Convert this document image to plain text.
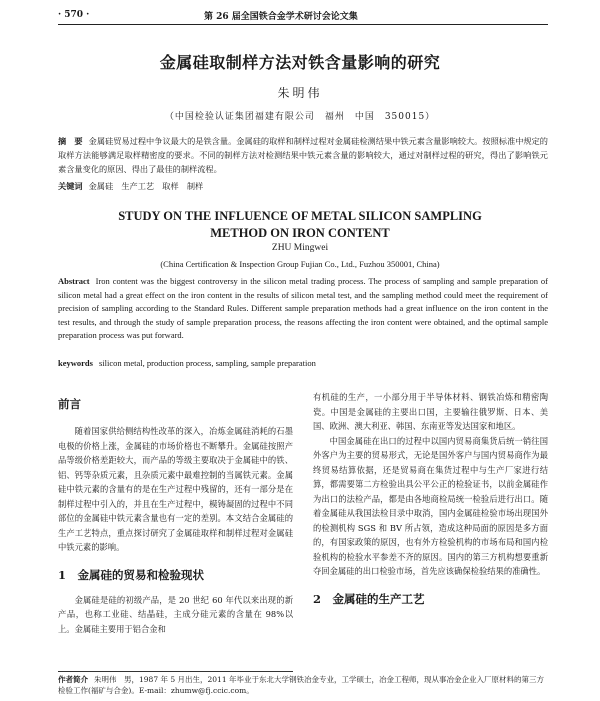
· 570 ·	第 26 届全国铁合金学术研讨会论文集
金属硅取制样方法对铁含量影响的研究
朱明伟
（中国检验认证集团福建有限公司　福州　中国　350015）
摘　要 金属硅贸易过程中争议最大的是铁含量。金属硅的取样和制样过程对金属硅检测结果中铁元素含量影响较大。按照标准中规定的取样方法能够满足取样精密度的要求。不同的制样方法对检测结果中铁元素含量的影响较大，通过对制样过程的研究，得出了影响铁元素含量变化的原因、得出了最佳的制样流程。
关键词 金属硅　生产工艺　取样　制样
STUDY ON THE INFLUENCE OF METAL SILICON SAMPLING
METHOD ON IRON CONTENT
ZHU Mingwei
(China Certification & Inspection Group Fujian Co., Ltd., Fuzhou 350001, China)
Abstract Iron content was the biggest controversy in the silicon metal trading process. The process of sampling and sample preparation of silicon metal had a great effect on the iron content in the results of silicon metal test, and the sampling method could meet the requirement of precision of sampling according to the Standard Rules. Different sample preparation methods had a great influence on the iron content in the test results, and through the study of sample preparation process, the reasons affecting the iron content were obtained, and the optimal sample preparation process was put forward.
keywords silicon metal, production process, sampling, sample preparation
前言

随着国家供给侧结构性改革的深入，冶炼金属硅消耗的石墨电极的价格上涨，金属硅的市场价格也不断攀升。金属硅按照产品等级价格差距较大，而产品的等级主要取决于金属硅中的铁、铝、钙等杂质元素，且杂质元素中最难控制的当属铁元素。金属硅中铁元素的含量有的是在生产过程中残留的，还有一部分是在制样过程中引入的，并且在生产过程中，模铸凝固的过程中不同部位的金属硅中铁元素含量也有一定的差别。本文结合金属硅的生产工艺特点，重点探讨研究了金属硅取样和制样过程对金属硅中铁元素的影响。

1　金属硅的贸易和检验现状

金属硅是硅的初级产品，是 20 世纪 60 年代以来出现的新产品，也称工业硅、结晶硅，主成分硅元素的含量在 98%以上。金属硅主要用于铝合金和

有机硅的生产，一小部分用于半导体材料、钢铁冶炼和精密陶瓷。中国是金属硅的主要出口国，主要输往俄罗斯、日本、美国、欧洲、澳大利亚、韩国、东南亚等发达国家和地区。

中国金属硅在出口的过程中以国内贸易商集货后统一销往国外客户为主要的贸易形式，无论是国外客户与国内贸易商作为最终贸易结算依据，还是贸易商在集货过程中与生产厂家进行结算，都需要第二方检验出具公平公正的检验证书，以前金属硅作为出口的法检产品，都是由各地商检局统一检验后进行出口。随着金属硅从我国法检目录中取消，国内金属硅检验市场出现国外的检测机构 SGS 和 BV 所占领，造成这种局面的原因是多方面的，有国家政策的原因，也有外方检验机构的市场布局和国内检验机构的检验水平参差不齐的原因。国内的第三方机构想要重新夺回金属硅的出口检验市场，首先应该确保检验结果的准确性。

2　金属硅的生产工艺
作者简介 朱明伟　男，1987 年 5 月出生，2011 年毕业于东北大学钢铁冶金专业，工学硕士，冶金工程师，现从事冶金企业入厂原材料的第三方检验工作(福矿与合金)。E-mail：zhumw@fj.ccic.com。
